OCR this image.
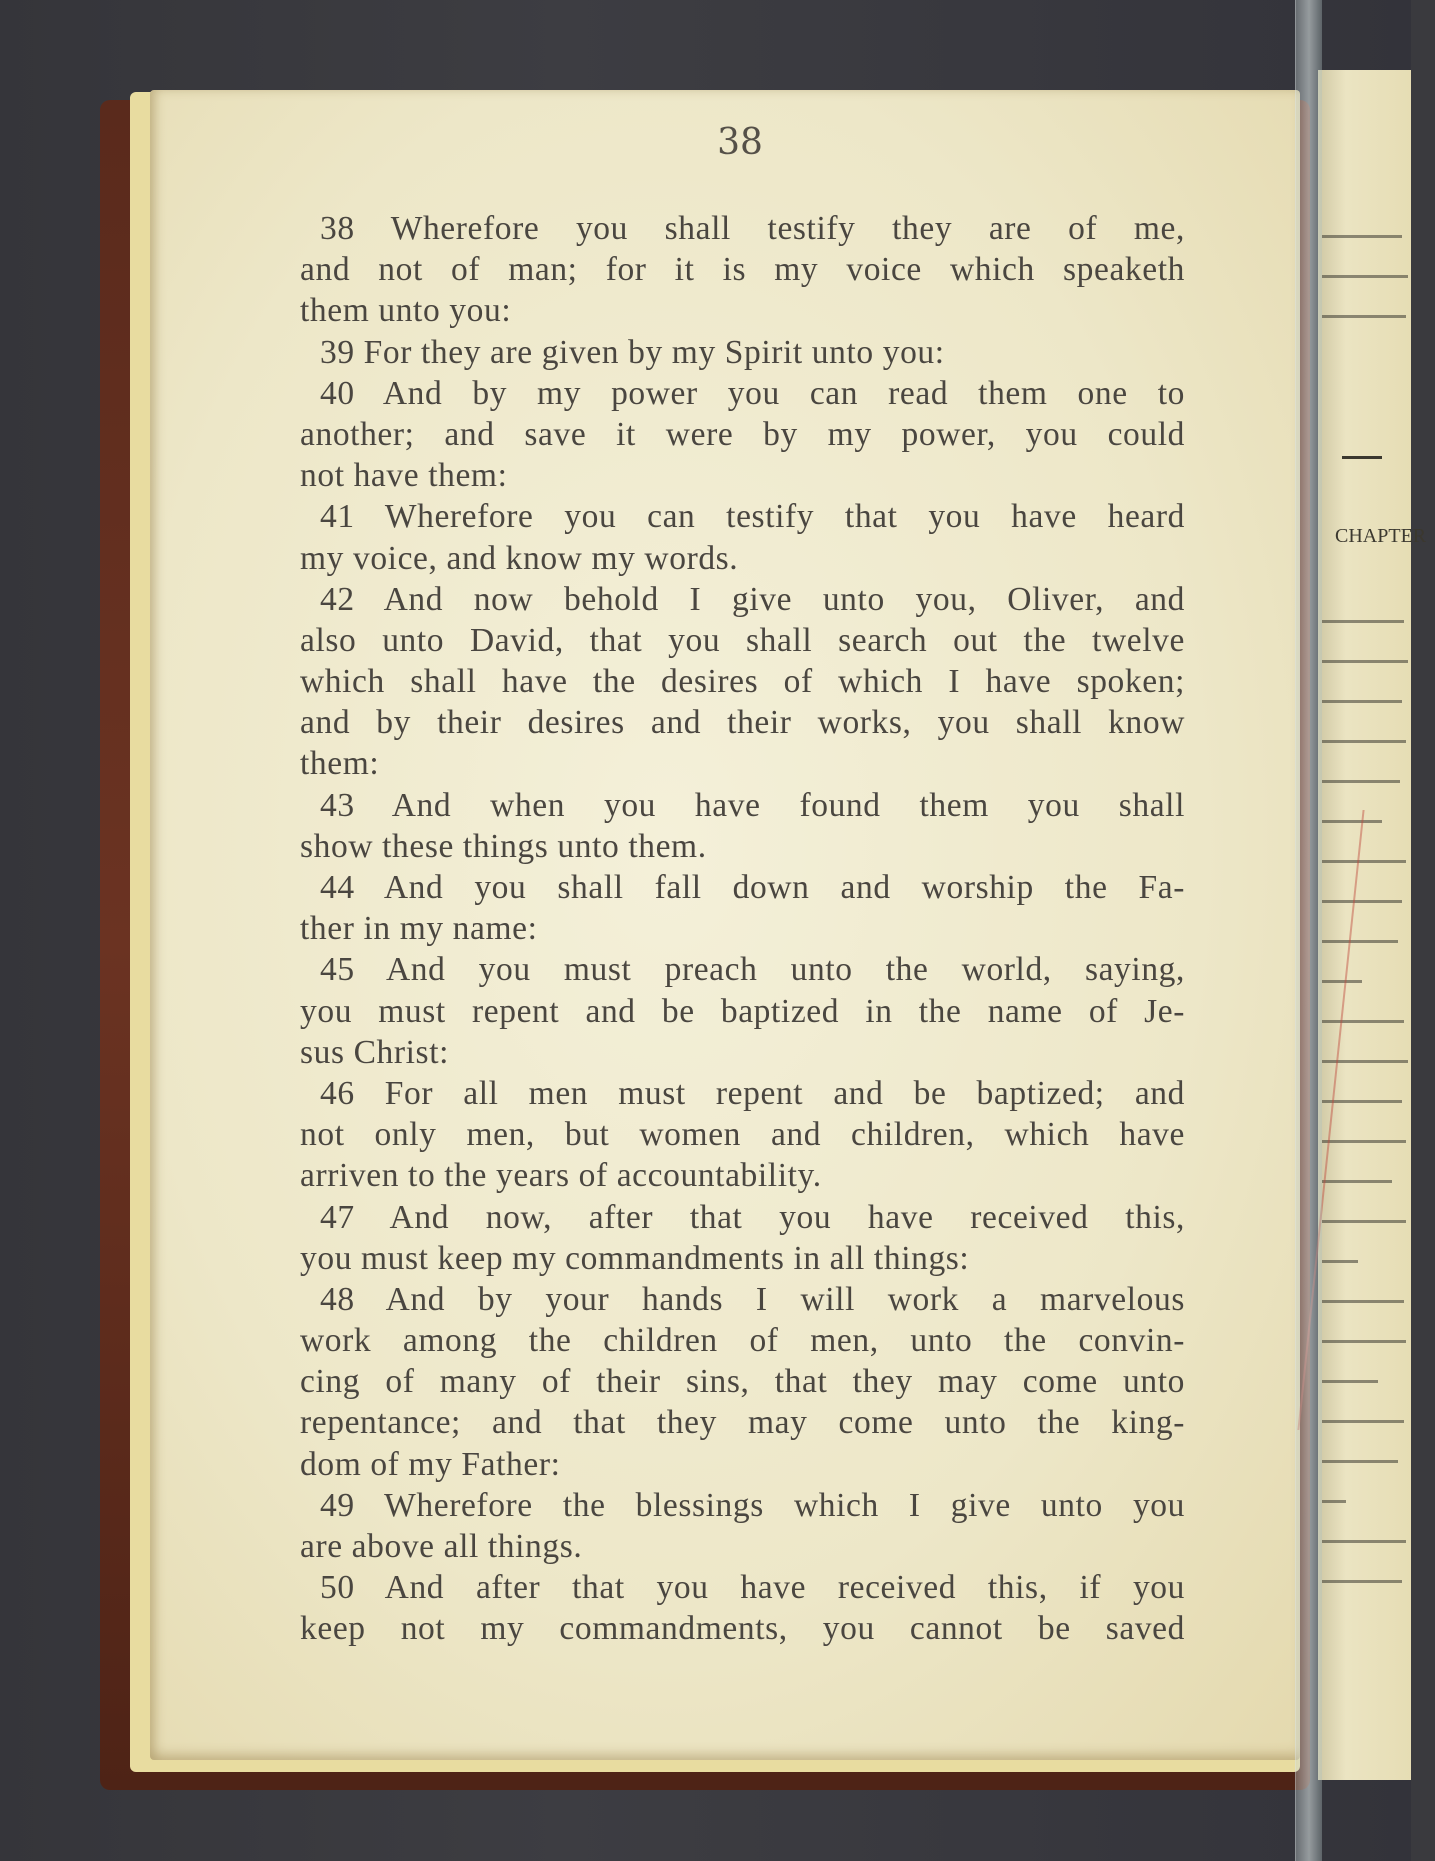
38
38 Wherefore you shall testify they are of me,
and not of man; for it is my voice which speaketh
them unto you:
39 For they are given by my Spirit unto you:
40 And by my power you can read them one to
another; and save it were by my power, you could
not have them:
41 Wherefore you can testify that you have heard
my voice, and know my words.
42 And now behold I give unto you, Oliver, and
also unto David, that you shall search out the twelve
which shall have the desires of which I have spoken;
and by their desires and their works, you shall know
them:
43 And when you have found them you shall
show these things unto them.
44 And you shall fall down and worship the Fa-
ther in my name:
45 And you must preach unto the world, saying,
you must repent and be baptized in the name of Je-
sus Christ:
46 For all men must repent and be baptized; and
not only men, but women and children, which have
arriven to the years of accountability.
47 And now, after that you have received this,
you must keep my commandments in all things:
48 And by your hands I will work a marvelous
work among the children of men, unto the convin-
cing of many of their sins, that they may come unto
repentance; and that they may come unto the king-
dom of my Father:
49 Wherefore the blessings which I give unto you
are above all things.
50 And after that you have received this, if you
keep not my commandments, you cannot be saved
CHAPTER
